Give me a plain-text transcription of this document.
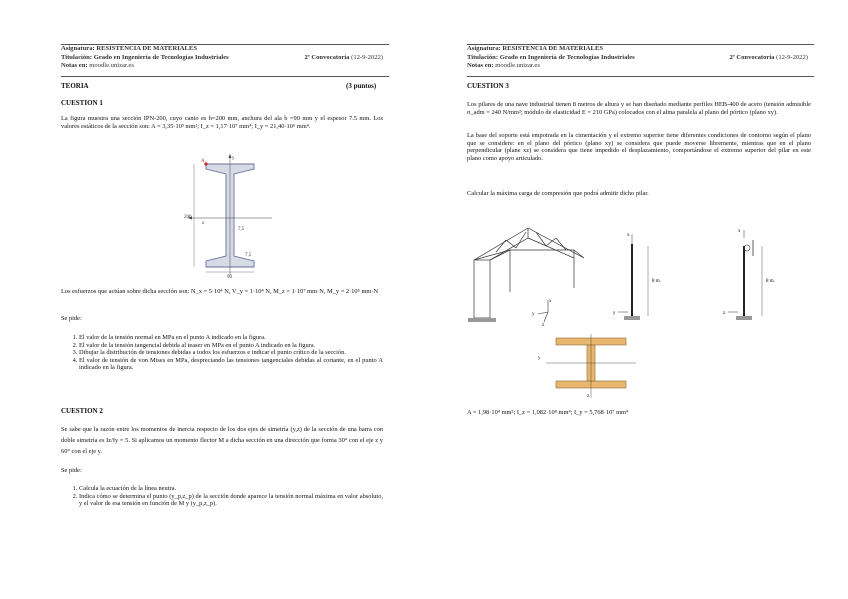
Asignatura: RESISTENCIA DE MATERIALES
Titulación: Grado en Ingeniería de Tecnologías Industriales
Notas en: moodle.unizar.es
2ª Convocatoria (12-9-2022)
TEORIA	(3 puntos)
CUESTION 1
La figura muestra una sección IPN-200, cuyo canto es h=200 mm, anchura del ala b =90 mm y el espesor 7.5 mm. Los valores estáticos de la sección son: A = 3,35·10³ mm²; I_z = 1,17·10⁷ mm⁴; I_y = 21,40·10⁵ mm⁴.
y
z
A
200
90
7,5
7,5
Los esfuerzos que actúan sobre dicha sección son: N_x = 5·10⁴ N, V_y = 1·10⁴ N, M_z = 1·10⁷ mm·N, M_y = 2·10⁵ mm·N
Se pide:
1. El valor de la tensión normal en MPa en el punto A indicado en la figura.
2. El valor de la tensión tangencial debida al teaser en MPa en el punto A indicado en la figura.
3. Dibujar la distribución de tensiones debidas a todos los esfuerzos e indicar el punto crítico de la sección.
4. El valor de tensión de von Mises en MPa, despreciando las tensiones tangenciales debidas al cortante, en el punto A indicado en la figura.
CUESTION 2
Se sabe que la razón entre los momentos de inercia respecto de los dos ejes de simetría (y,z) de la sección de una barra con doble simetría es Iz/Iy = 5. Si aplicamos un momento flector M a dicha sección en una dirección que forma 30° con el eje z y 60° con el eje y.
Se pide:
1. Calcula la ecuación de la línea neutra.
2. Indica cómo se determina el punto (y_p,z_p) de la sección donde aparece la tensión normal máxima en valor absoluto, y el valor de esa tensión en función de M y (y_p,z_p).
Asignatura: RESISTENCIA DE MATERIALES
Titulación: Grado en Ingeniería de Tecnologías Industriales
Notas en: moodle.unizar.es
2ª Convocatoria (12-9-2022)
CUESTION 3
Los pilares de una nave industrial tienen 8 metros de altura y se han diseñado mediante perfiles HEB-400 de acero (tensión admisible σ_adm = 240 N/mm²; módulo de elasticidad E = 210 GPa) colocados con el alma paralela al plano del pórtico (plano xy).
La base del soporte está empotrada en la cimentación y el extremo superior tiene diferentes condiciones de contorno según el plano que se considere: en el plano del pórtico (plano xy) se considera que puede moverse libremente, mientras que en el plano perpendicular (plane xz) se considera que tiene impedido el desplazamiento, comportándose el extremo superior del pilar en este plano como apoyo articulado.
Calcular la máxima carga de compresión que podrá admitir dicho pilar.
x
y
z
x
y
8 m.
x
z
8 m.
y
z
A = 1,98·10⁴ mm²; I_z = 1,082·10⁸ mm⁴; I_y = 5,768·10⁷ mm⁴
